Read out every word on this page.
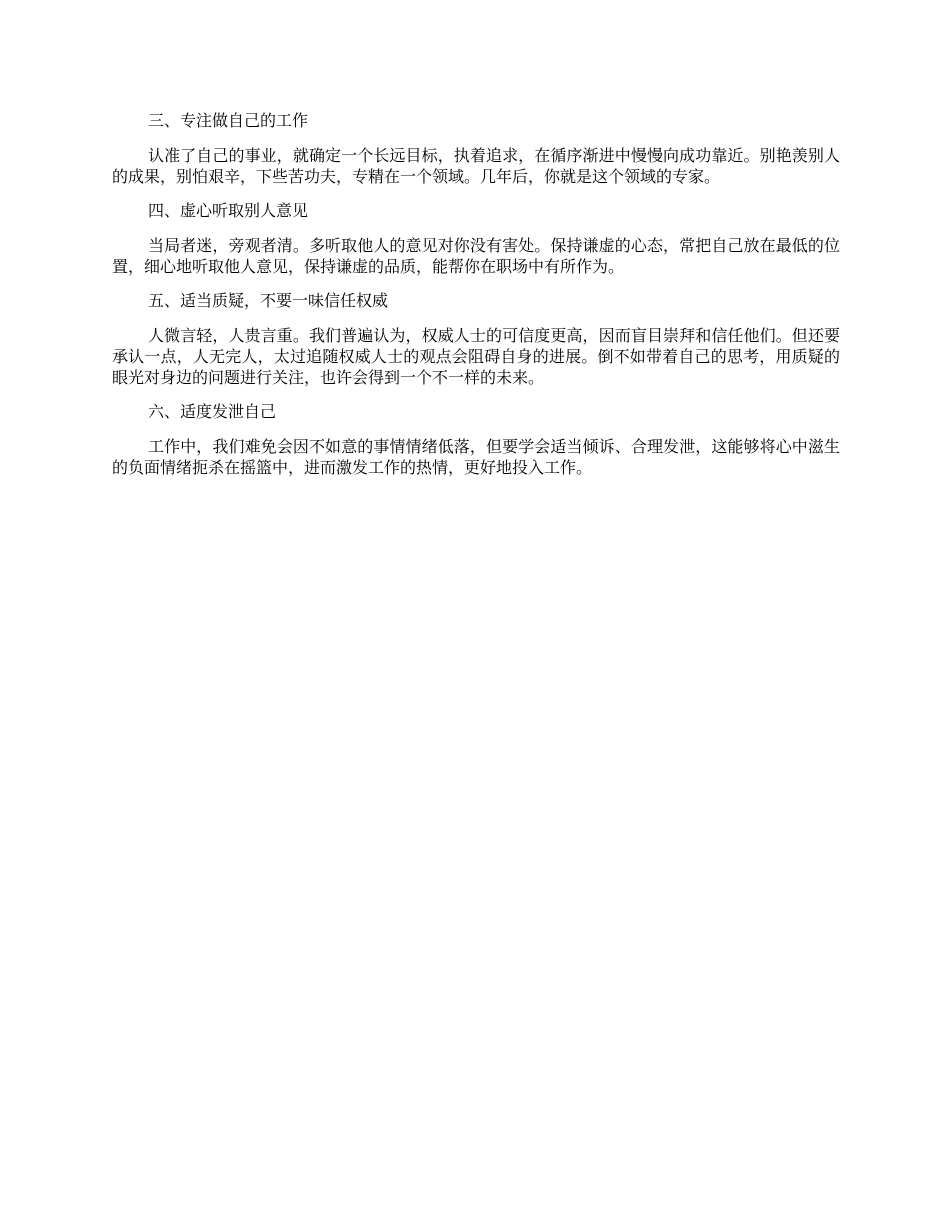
三、专注做自己的工作

认准了自己的事业，就确定一个长远目标，执着追求，在循序渐进中慢慢向成功靠近。别艳羡别人的成果，别怕艰辛，下些苦功夫，专精在一个领域。几年后，你就是这个领域的专家。

四、虚心听取别人意见

当局者迷，旁观者清。多听取他人的意见对你没有害处。保持谦虚的心态，常把自己放在最低的位置，细心地听取他人意见，保持谦虚的品质，能帮你在职场中有所作为。

五、适当质疑，不要一味信任权威

人微言轻，人贵言重。我们普遍认为，权威人士的可信度更高，因而盲目崇拜和信任他们。但还要承认一点，人无完人，太过追随权威人士的观点会阻碍自身的进展。倒不如带着自己的思考，用质疑的眼光对身边的问题进行关注，也许会得到一个不一样的未来。

六、适度发泄自己

工作中，我们难免会因不如意的事情情绪低落，但要学会适当倾诉、合理发泄，这能够将心中滋生的负面情绪扼杀在摇篮中，进而激发工作的热情，更好地投入工作。
